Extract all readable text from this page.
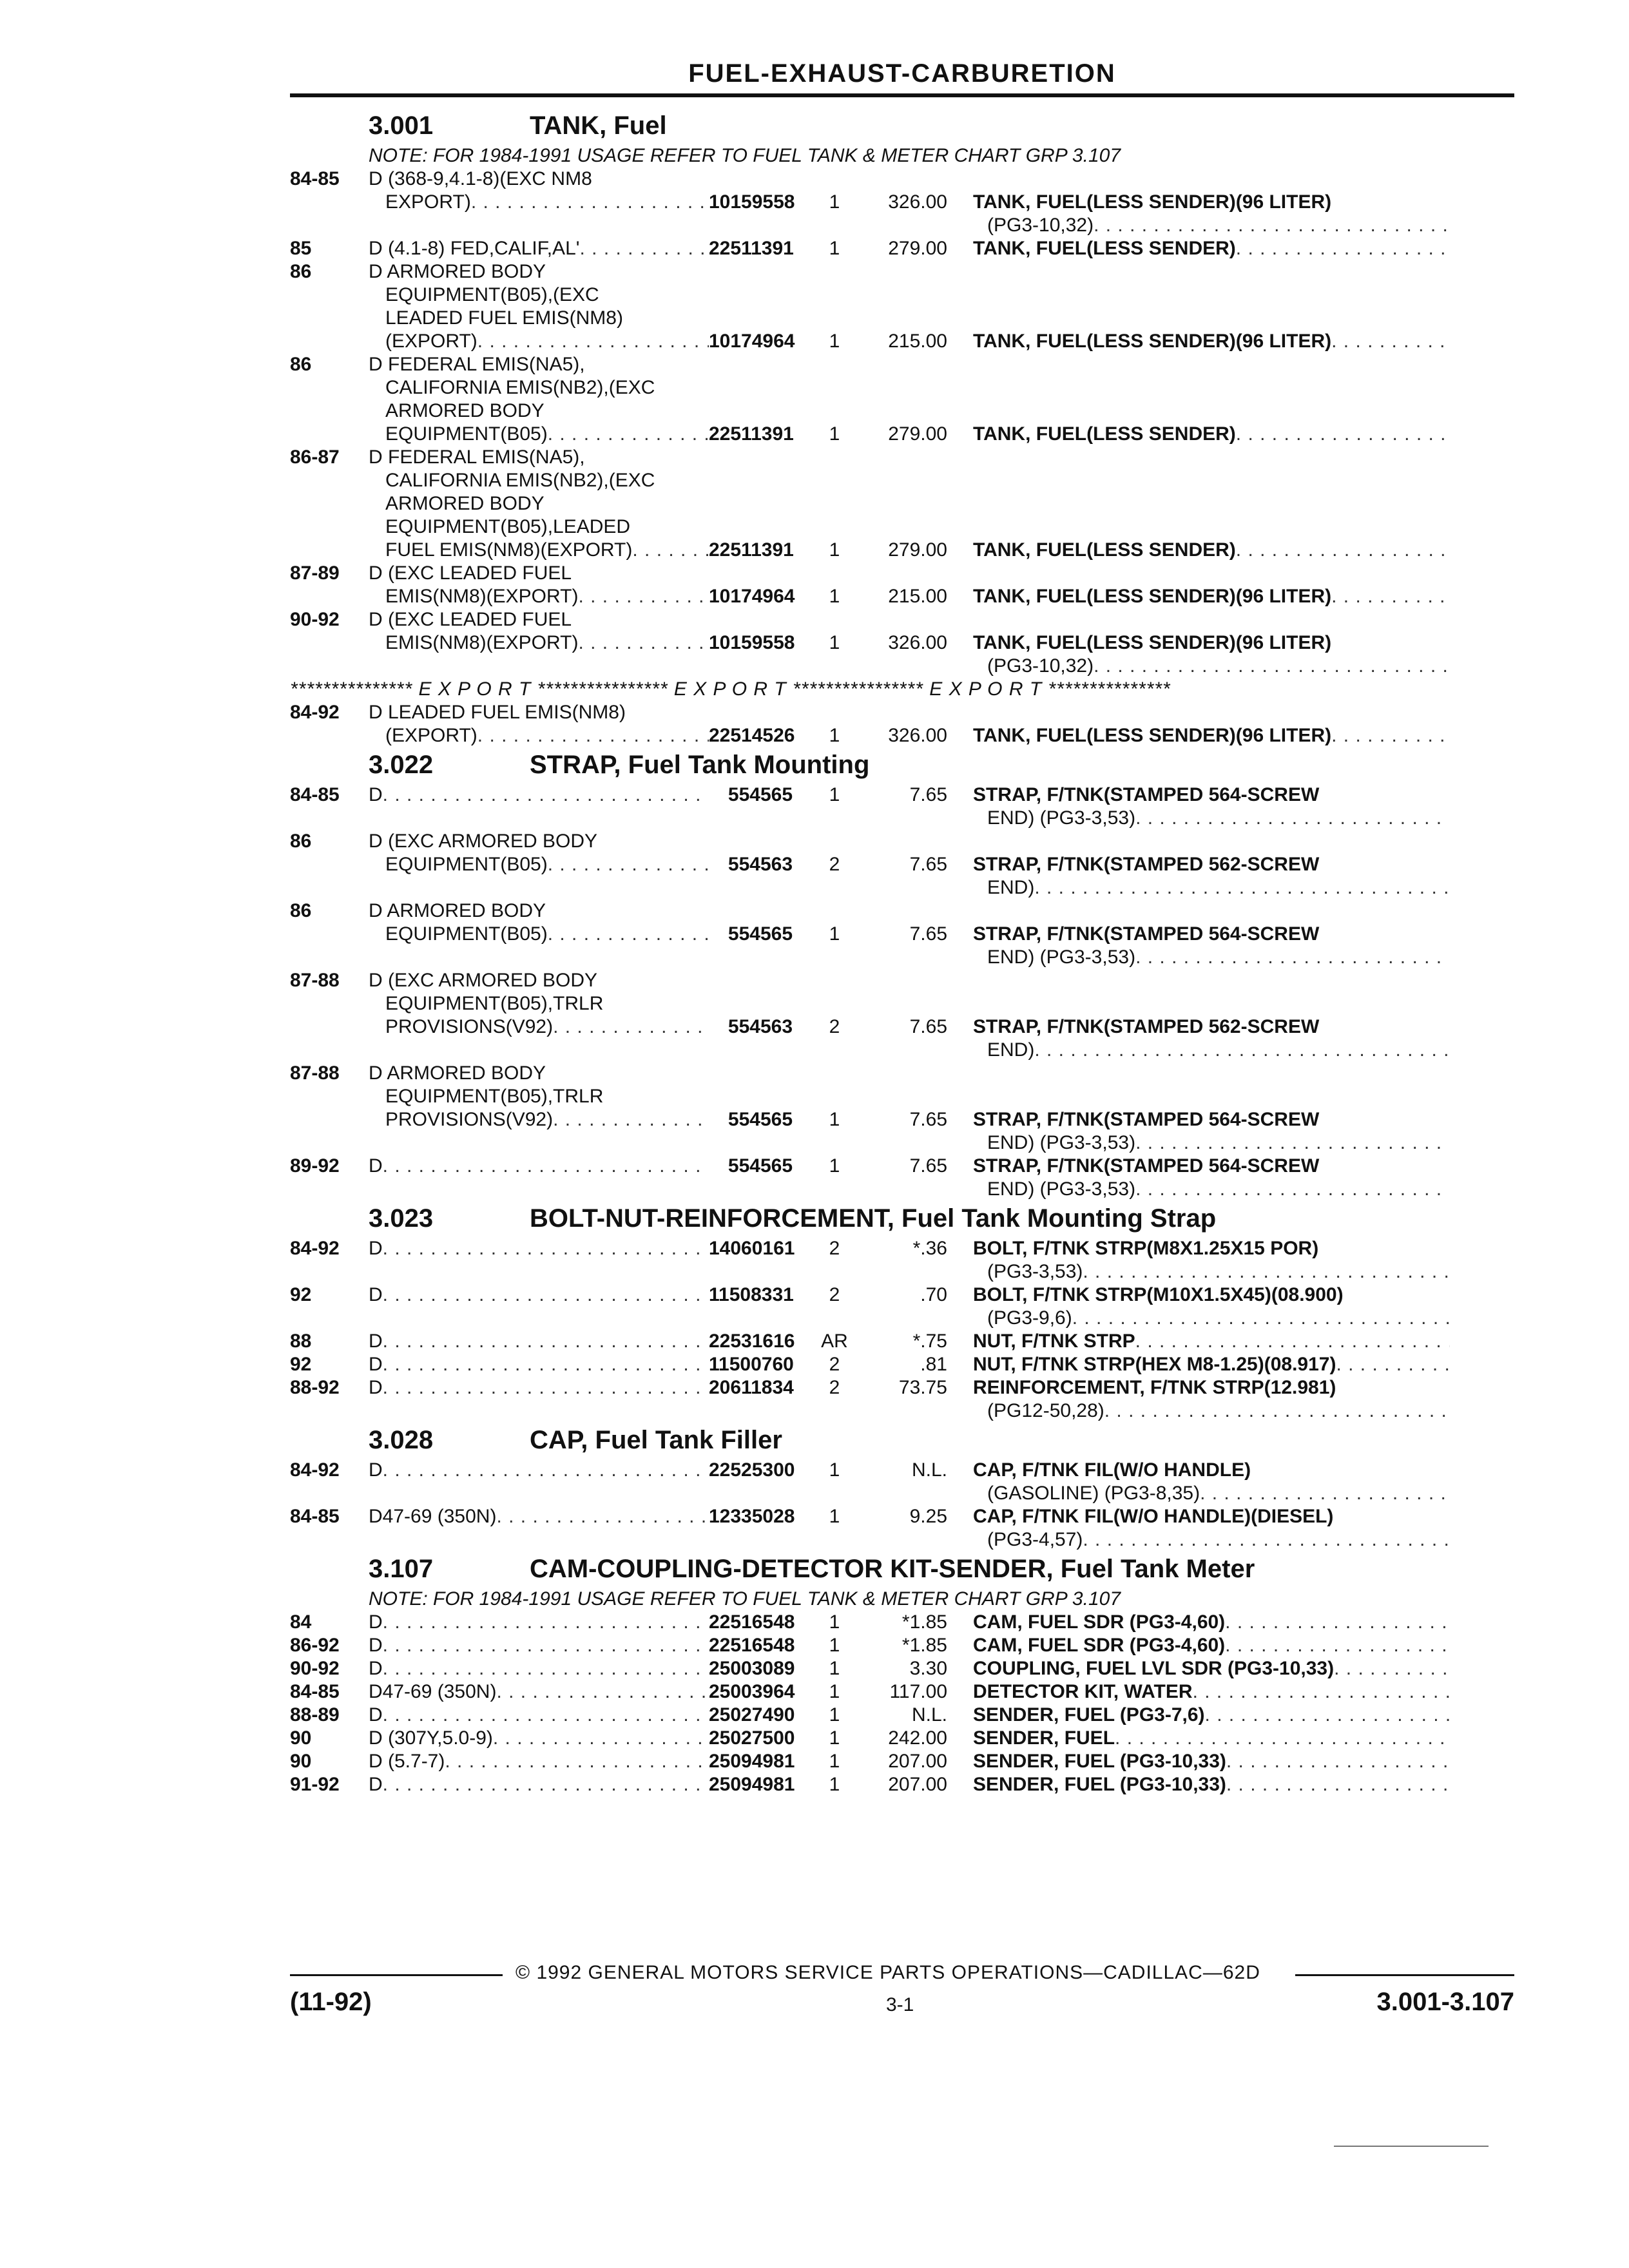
FUEL-EXHAUST-CARBURETION
3.001	TANK, Fuel
NOTE: FOR 1984-1991 USAGE REFER TO FUEL TANK & METER CHART GRP 3.107
84-85	D (368-9,4.1-8)(EXC NM8
EXPORT) . . .	10159558	1	326.00 TANK, FUEL(LESS SENDER)(96 LITER)
(PG3-10,32)
. . .
85	D (4.1-8) FED,CALIF,AL' . . .	22511391	1	279.00 TANK, FUEL(LESS SENDER)
. . .
86	D ARMORED BODY
EQUIPMENT(B05),(EXC
LEADED FUEL EMIS(NM8)
(EXPORT) . . .	10174964	1	215.00 TANK, FUEL(LESS SENDER)(96 LITER)
. . .
86	D FEDERAL EMIS(NA5),
CALIFORNIA EMIS(NB2),(EXC
ARMORED BODY
EQUIPMENT(B05) . . .	22511391	1	279.00 TANK, FUEL(LESS SENDER)
. . .
86-87	D FEDERAL EMIS(NA5),
CALIFORNIA EMIS(NB2),(EXC
ARMORED BODY
EQUIPMENT(B05),LEADED
FUEL EMIS(NM8)(EXPORT) . . .	22511391	1	279.00 TANK, FUEL(LESS SENDER)
. . .
87-89	D (EXC LEADED FUEL
EMIS(NM8)(EXPORT) . . .	10174964	1	215.00 TANK, FUEL(LESS SENDER)(96 LITER)
. . .
90-92	D (EXC LEADED FUEL
EMIS(NM8)(EXPORT) . . .	10159558	1	326.00 TANK, FUEL(LESS SENDER)(96 LITER)
(PG3-10,32)
. . .
*************** E X P O R T **************** E X P O R T **************** E X P O R T ***************
84-92	D LEADED FUEL EMIS(NM8)
(EXPORT) . . .	22514526	1	326.00 TANK, FUEL(LESS SENDER)(96 LITER)
. . .
3.022	STRAP, Fuel Tank Mounting
84-85	D . . .	554565	1	7.65 STRAP, F/TNK(STAMPED 564-SCREW
END) (PG3-3,53)
. . .
86	D (EXC ARMORED BODY
EQUIPMENT(B05) . . .	554563	2	7.65 STRAP, F/TNK(STAMPED 562-SCREW
END)
. . .
86	D ARMORED BODY
EQUIPMENT(B05) . . .	554565	1	7.65 STRAP, F/TNK(STAMPED 564-SCREW
END) (PG3-3,53)
. . .
87-88	D (EXC ARMORED BODY
EQUIPMENT(B05),TRLR
PROVISIONS(V92) . . .	554563	2	7.65 STRAP, F/TNK(STAMPED 562-SCREW
END)
. . .
87-88	D ARMORED BODY
EQUIPMENT(B05),TRLR
PROVISIONS(V92) . . .	554565	1	7.65 STRAP, F/TNK(STAMPED 564-SCREW
END) (PG3-3,53)
. . .
89-92	D . . .	554565	1	7.65 STRAP, F/TNK(STAMPED 564-SCREW
END) (PG3-3,53)
. . .
3.023	BOLT-NUT-REINFORCEMENT, Fuel Tank Mounting Strap
84-92	D . . .	14060161	2	*.36 BOLT, F/TNK STRP(M8X1.25X15 POR)
(PG3-3,53)
. . .
92	D . . .	11508331	2	.70 BOLT, F/TNK STRP(M10X1.5X45)(08.900)
(PG3-9,6)
. . .
88	D . . .	22531616	AR	*.75 NUT, F/TNK STRP
. . .
92	D . . .	11500760	2	.81 NUT, F/TNK STRP(HEX M8-1.25)(08.917)
. . .
88-92	D . . .	20611834	2	73.75 REINFORCEMENT, F/TNK STRP(12.981)
(PG12-50,28)
. . .
3.028	CAP, Fuel Tank Filler
84-92	D . . .	22525300	1	N.L. CAP, F/TNK FIL(W/O HANDLE)
(GASOLINE) (PG3-8,35)
. . .
84-85	D47-69 (350N) . . .	12335028	1	9.25 CAP, F/TNK FIL(W/O HANDLE)(DIESEL)
(PG3-4,57)
. . .
3.107	CAM-COUPLING-DETECTOR KIT-SENDER, Fuel Tank Meter
NOTE: FOR 1984-1991 USAGE REFER TO FUEL TANK & METER CHART GRP 3.107
84	D . . .	22516548	1	*1.85 CAM, FUEL SDR (PG3-4,60)
. . .
86-92	D . . .	22516548	1	*1.85 CAM, FUEL SDR (PG3-4,60)
. . .
90-92	D . . .	25003089	1	3.30 COUPLING, FUEL LVL SDR (PG3-10,33)
. . .
84-85	D47-69 (350N) . . .	25003964	1	117.00 DETECTOR KIT, WATER
. . .
88-89	D . . .	25027490	1	N.L. SENDER, FUEL (PG3-7,6)
. . .
90	D (307Y,5.0-9) . . .	25027500	1	242.00 SENDER, FUEL
. . .
90	D (5.7-7) . . .	25094981	1	207.00 SENDER, FUEL (PG3-10,33)
. . .
91-92	D . . .	25094981	1	207.00 SENDER, FUEL (PG3-10,33)
. . .
© 1992 GENERAL MOTORS SERVICE PARTS OPERATIONS—CADILLAC—62D
(11-92)	3-1	3.001-3.107
